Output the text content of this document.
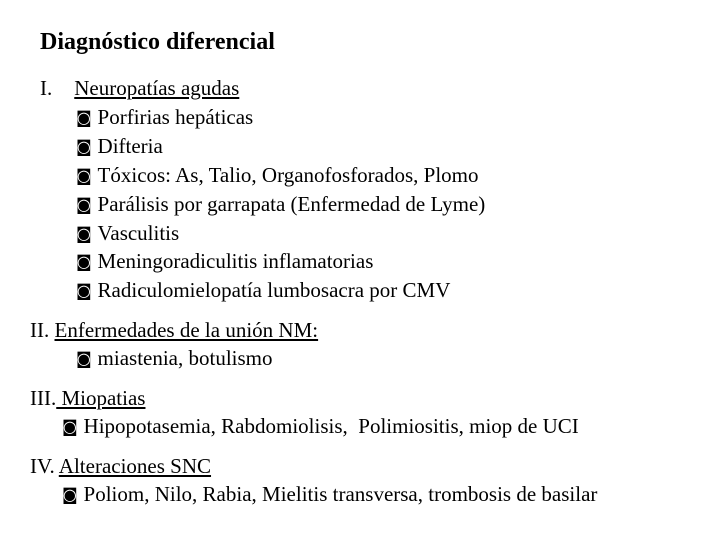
Diagnóstico diferencial
I. Neuropatías agudas
◙ Porfirias hepáticas
◙ Difteria
◙ Tóxicos: As, Talio, Organofosforados, Plomo
◙ Parálisis por garrapata (Enfermedad de Lyme)
◙ Vasculitis
◙ Meningoradiculitis inflamatorias
◙ Radiculomielopatía lumbosacra por CMV
II. Enfermedades de la unión NM:
◙ miastenia, botulismo
III. Miopatias
◙ Hipopotasemia, Rabdomiolisis,  Polimiositis, miop de UCI
IV. Alteraciones SNC
◙ Poliom, Nilo, Rabia, Mielitis transversa, trombosis de basilar
